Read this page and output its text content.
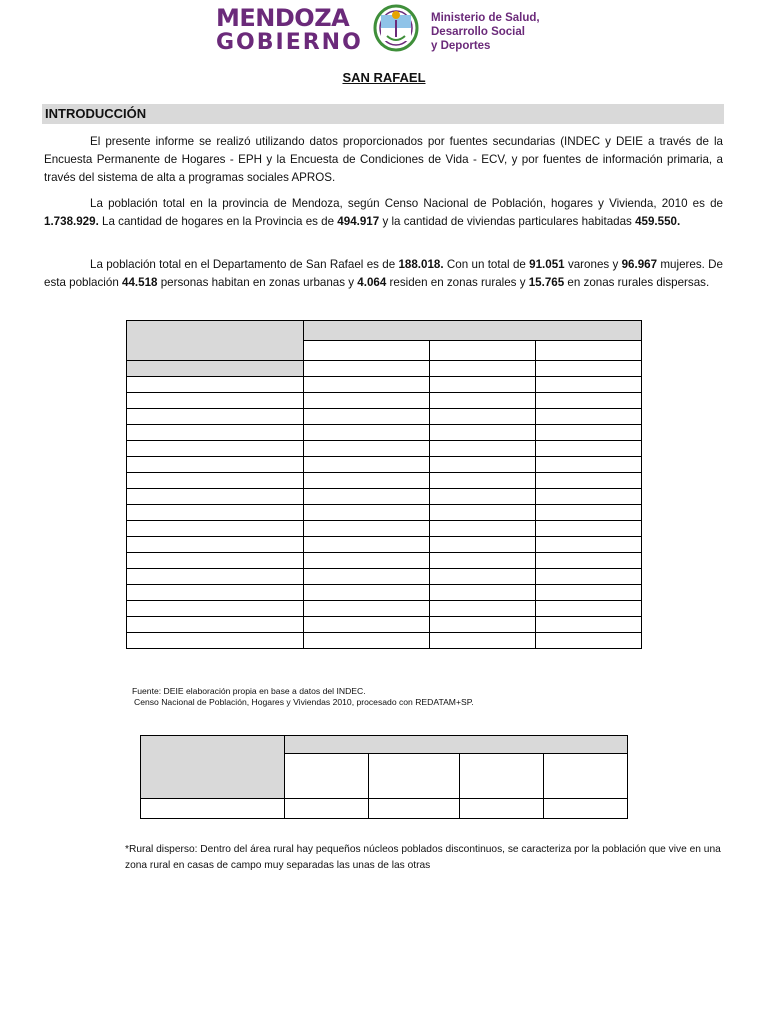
MENDOZA
GOBIERNO
Ministerio de Salud,
Desarrollo Social
y Deportes
SAN RAFAEL
INTRODUCCIÓN

El presente informe se realizó utilizando datos proporcionados por fuentes secundarias (INDEC y DEIE a través de la Encuesta Permanente de Hogares - EPH y la Encuesta de Condiciones de Vida - ECV, y por fuentes de información primaria, a través del sistema de alta a programas sociales APROS.

La población total en la provincia de Mendoza, según Censo Nacional de Población, hogares y Vivienda, 2010 es de 1.738.929. La cantidad de hogares en la Provincia es de 494.917 y la cantidad de viviendas particulares habitadas 459.550.

La población total en el Departamento de San Rafael es de 188.018. Con un total de 91.051 varones y 96.967 mujeres. De esta población 44.518 personas habitan en zonas urbanas y 4.064 residen en zonas rurales y 15.765 en zonas rurales dispersas.

Fuente: DEIE elaboración propia en base a datos del INDEC.
Censo Nacional de Población, Hogares y Viviendas 2010, procesado con REDATAM+SP.

*Rural disperso: Dentro del área rural hay pequeños núcleos poblados discontinuos, se caracteriza por la población que vive en una zona rural en casas de campo muy separadas las unas de las otras
